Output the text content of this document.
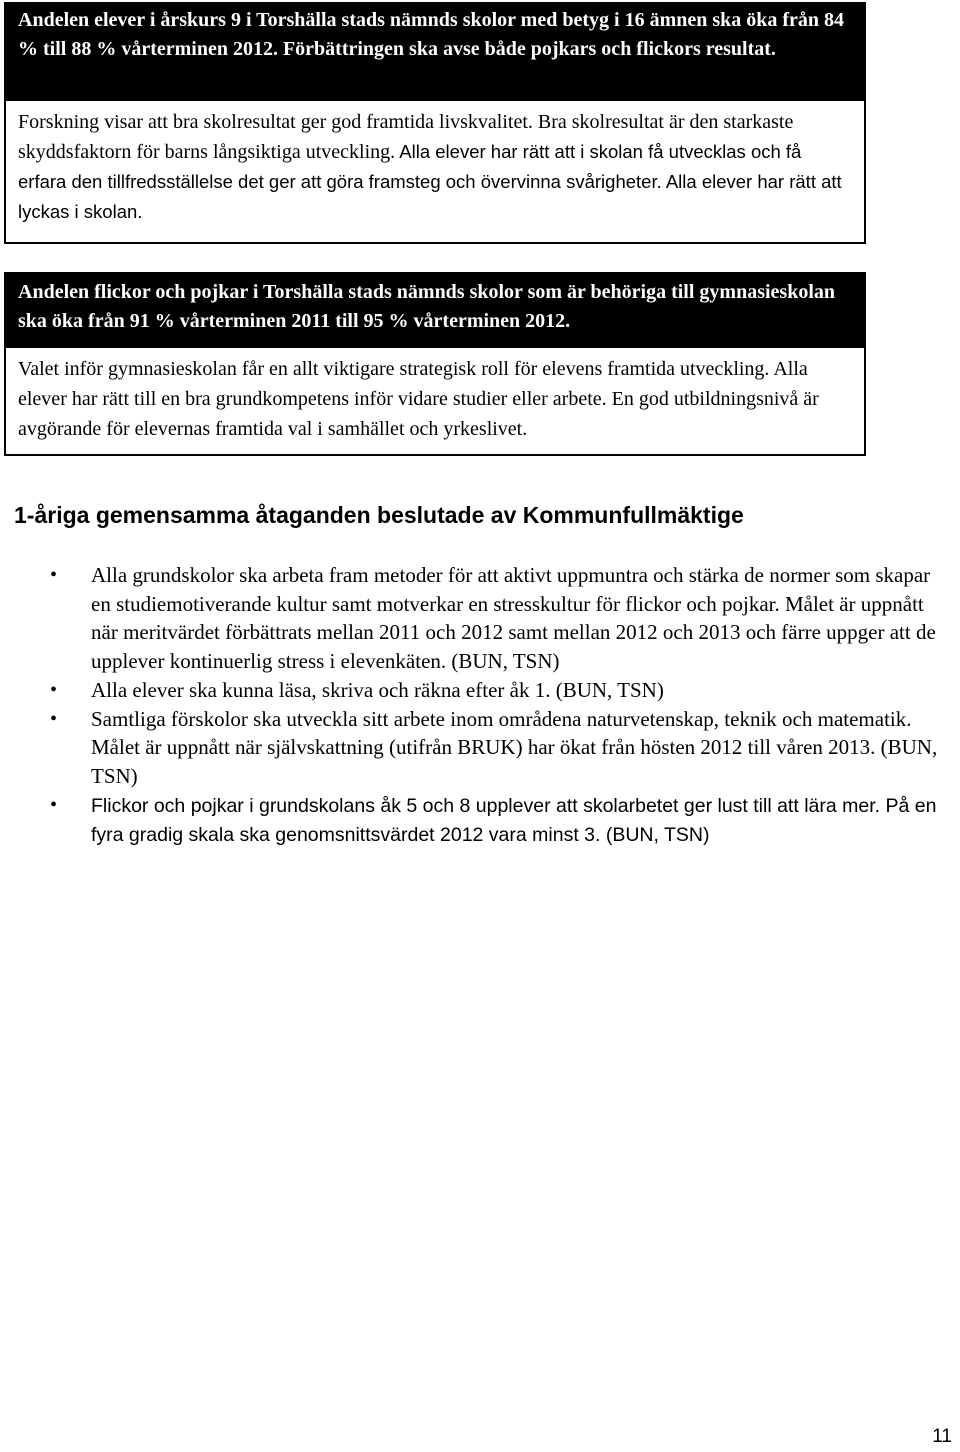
Andelen elever i årskurs 9 i Torshälla stads nämnds skolor med betyg i 16 ämnen ska öka från 84 % till 88 % vårterminen 2012. Förbättringen ska avse både pojkars och flickors resultat.
Forskning visar att bra skolresultat ger god framtida livskvalitet. Bra skolresultat är den starkaste skyddsfaktorn för barns långsiktiga utveckling. Alla elever har rätt att i skolan få utvecklas och få erfara den tillfredsställelse det ger att göra framsteg och övervinna svårigheter. Alla elever har rätt att lyckas i skolan.
Andelen flickor och pojkar i Torshälla stads nämnds skolor som är behöriga till gymnasieskolan ska öka från 91 % vårterminen 2011 till 95 % vårterminen 2012.
Valet inför gymnasieskolan får en allt viktigare strategisk roll för elevens framtida utveckling. Alla elever har rätt till en bra grundkompetens inför vidare studier eller arbete. En god utbildningsnivå är avgörande för elevernas framtida val i samhället och yrkeslivet.
1-åriga gemensamma åtaganden beslutade av Kommunfullmäktige
• Alla grundskolor ska arbeta fram metoder för att aktivt uppmuntra och stärka de normer som skapar en studiemotiverande kultur samt motverkar en stresskultur för flickor och pojkar. Målet är uppnått när meritvärdet förbättrats mellan 2011 och 2012 samt mellan 2012 och 2013 och färre uppger att de upplever kontinuerlig stress i elevenkäten. (BUN, TSN)
• Alla elever ska kunna läsa, skriva och räkna efter åk 1. (BUN, TSN)
• Samtliga förskolor ska utveckla sitt arbete inom områdena naturvetenskap, teknik och matematik. Målet är uppnått när självskattning (utifrån BRUK) har ökat från hösten 2012 till våren 2013. (BUN, TSN)
• Flickor och pojkar i grundskolans åk 5 och 8 upplever att skolarbetet ger lust till att lära mer. På en fyra gradig skala ska genomsnittsvärdet 2012 vara minst 3. (BUN, TSN)
11
